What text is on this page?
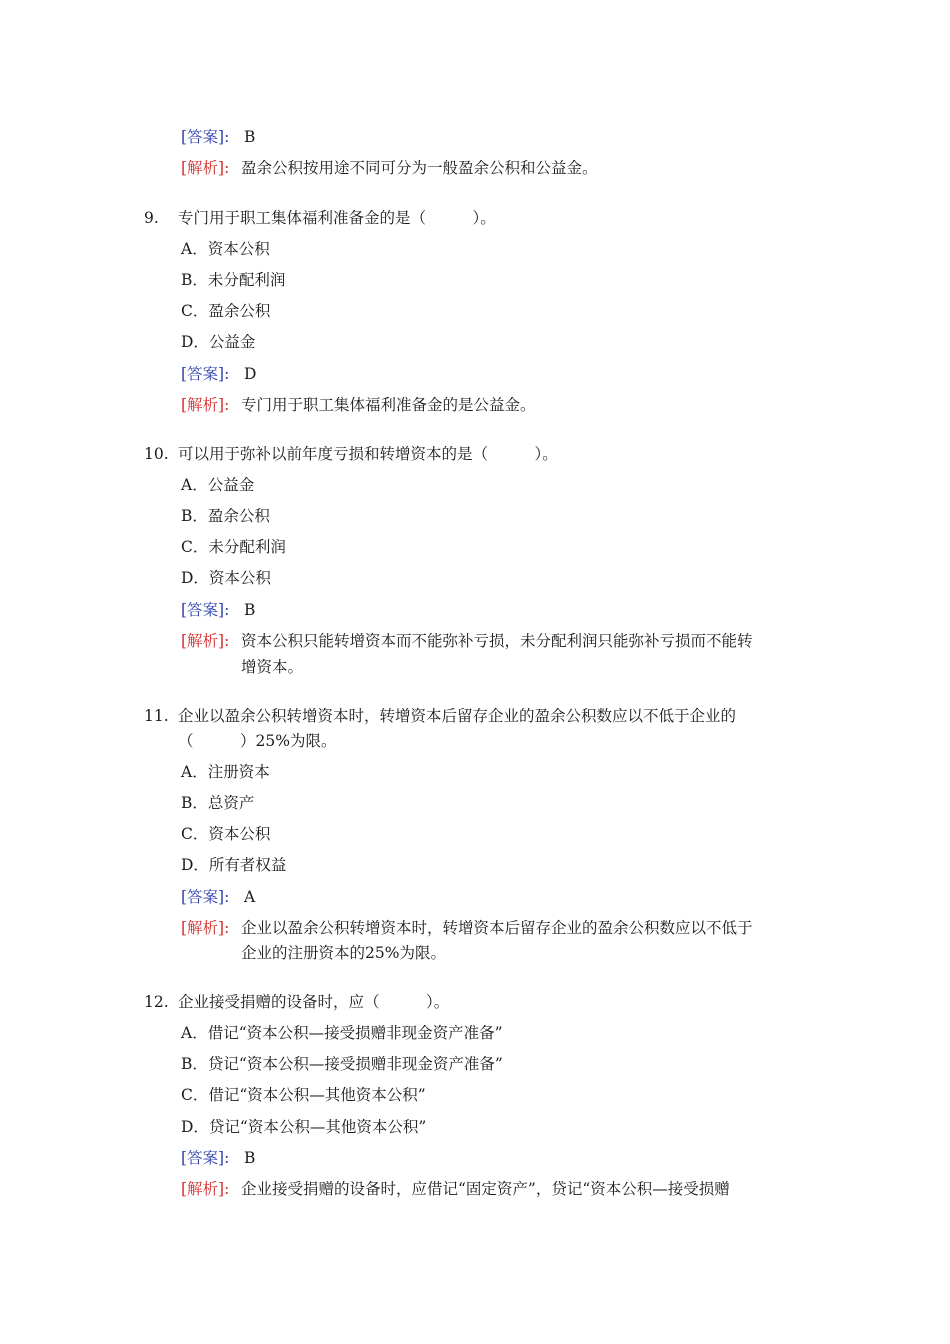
[答案]: B
[解析]: 盈余公积按用途不同可分为一般盈余公积和公益金。
9. 专门用于职工集体福利准备金的是（　　　）。
A．资本公积
B．未分配利润
C．盈余公积
D．公益金
[答案]: D
[解析]: 专门用于职工集体福利准备金的是公益金。
10. 可以用于弥补以前年度亏损和转增资本的是（　　　）。
A．公益金
B．盈余公积
C．未分配利润
D．资本公积
[答案]: B
[解析]: 资本公积只能转增资本而不能弥补亏损，未分配利润只能弥补亏损而不能转
增资本。
11. 企业以盈余公积转增资本时，转增资本后留存企业的盈余公积数应以不低于企业的
（　　　）25%为限。
A．注册资本
B．总资产
C．资本公积
D．所有者权益
[答案]: A
[解析]: 企业以盈余公积转增资本时，转增资本后留存企业的盈余公积数应以不低于
企业的注册资本的25%为限。
12. 企业接受捐赠的设备时，应（　　　）。
A．借记“资本公积—接受损赠非现金资产准备”
B．贷记“资本公积—接受损赠非现金资产准备”
C．借记“资本公积—其他资本公积”
D．贷记“资本公积—其他资本公积”
[答案]: B
[解析]: 企业接受捐赠的设备时，应借记“固定资产”，贷记“资本公积—接受损赠
